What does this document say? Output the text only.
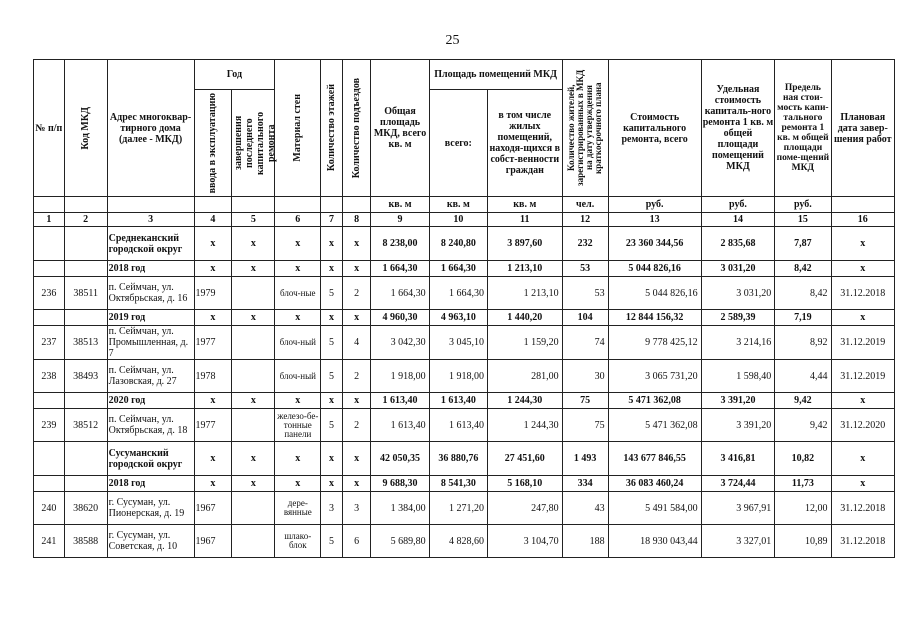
25
№ п/п	Код МКД	Адрес многоквар-тирного дома (далее - МКД)	Год		Материал стен	Количество этажей	Количество подъездов	Общая площадь МКД, всего кв. м	Площадь помещений МКД		Количество жителей, зарегистрированных в МКД на дату утверждения краткосрочного плана	Стоимость капитального ремонта, всего	Удельная стоимость капиталь-ного ремонта 1 кв. м общей площади помещений МКД	Предель ная стои-мость капи-тального ремонта 1 кв. м общей площади поме-щений МКД	Плановая дата завер-шения работ

			ввода в эксплуатацию	завершения последнего капитального ремонта					всего:	в том числе жилых помещений, находя-щихся в собст-венности граждан					
								кв. м	кв. м	кв. м	чел.	руб.	руб.	руб.	
1	2	3	4	5	6	7	8	9	10	11	12	13	14	15	16
		Среднеканский городской округ	х	х	х	х	х	8 238,00	8 240,80	3 897,60	232	23 360 344,56	2 835,68	7,87	х
		2018 год	х	х	х	х	х	1 664,30	1 664,30	1 213,10	53	5 044 826,16	3 031,20	8,42	х
236	38511	п. Сеймчан, ул. Октябрьская, д. 16	1979		блоч-ные	5	2	1 664,30	1 664,30	1 213,10	53	5 044 826,16	3 031,20	8,42	31.12.2018
		2019 год	х	х	х	х	х	4 960,30	4 963,10	1 440,20	104	12 844 156,32	2 589,39	7,19	х
237	38513	п. Сеймчан, ул. Промышленная, д. 7	1977		блоч-ный	5	4	3 042,30	3 045,10	1 159,20	74	9 778 425,12	3 214,16	8,92	31.12.2019
238	38493	п. Сеймчан, ул. Лазовская, д. 27	1978		блоч-ный	5	2	1 918,00	1 918,00	281,00	30	3 065 731,20	1 598,40	4,44	31.12.2019
		2020 год	х	х	х	х	х	1 613,40	1 613,40	1 244,30	75	5 471 362,08	3 391,20	9,42	х
239	38512	п. Сеймчан, ул. Октябрьская, д. 18	1977		железо-бе-тонные панели	5	2	1 613,40	1 613,40	1 244,30	75	5 471 362,08	3 391,20	9,42	31.12.2020
		Сусуманский городской округ	х	х	х	х	х	42 050,35	36 880,76	27 451,60	1 493	143 677 846,55	3 416,81	10,82	х
		2018 год	х	х	х	х	х	9 688,30	8 541,30	5 168,10	334	36 083 460,24	3 724,44	11,73	х
240	38620	г. Сусуман, ул. Пионерская, д. 19	1967		дере-вянные	3	3	1 384,00	1 271,20	247,80	43	5 491 584,00	3 967,91	12,00	31.12.2018
241	38588	г. Сусуман, ул. Советская, д. 10	1967		шлако-блок	5	6	5 689,80	4 828,60	3 104,70	188	18 930 043,44	3 327,01	10,89	31.12.2018
